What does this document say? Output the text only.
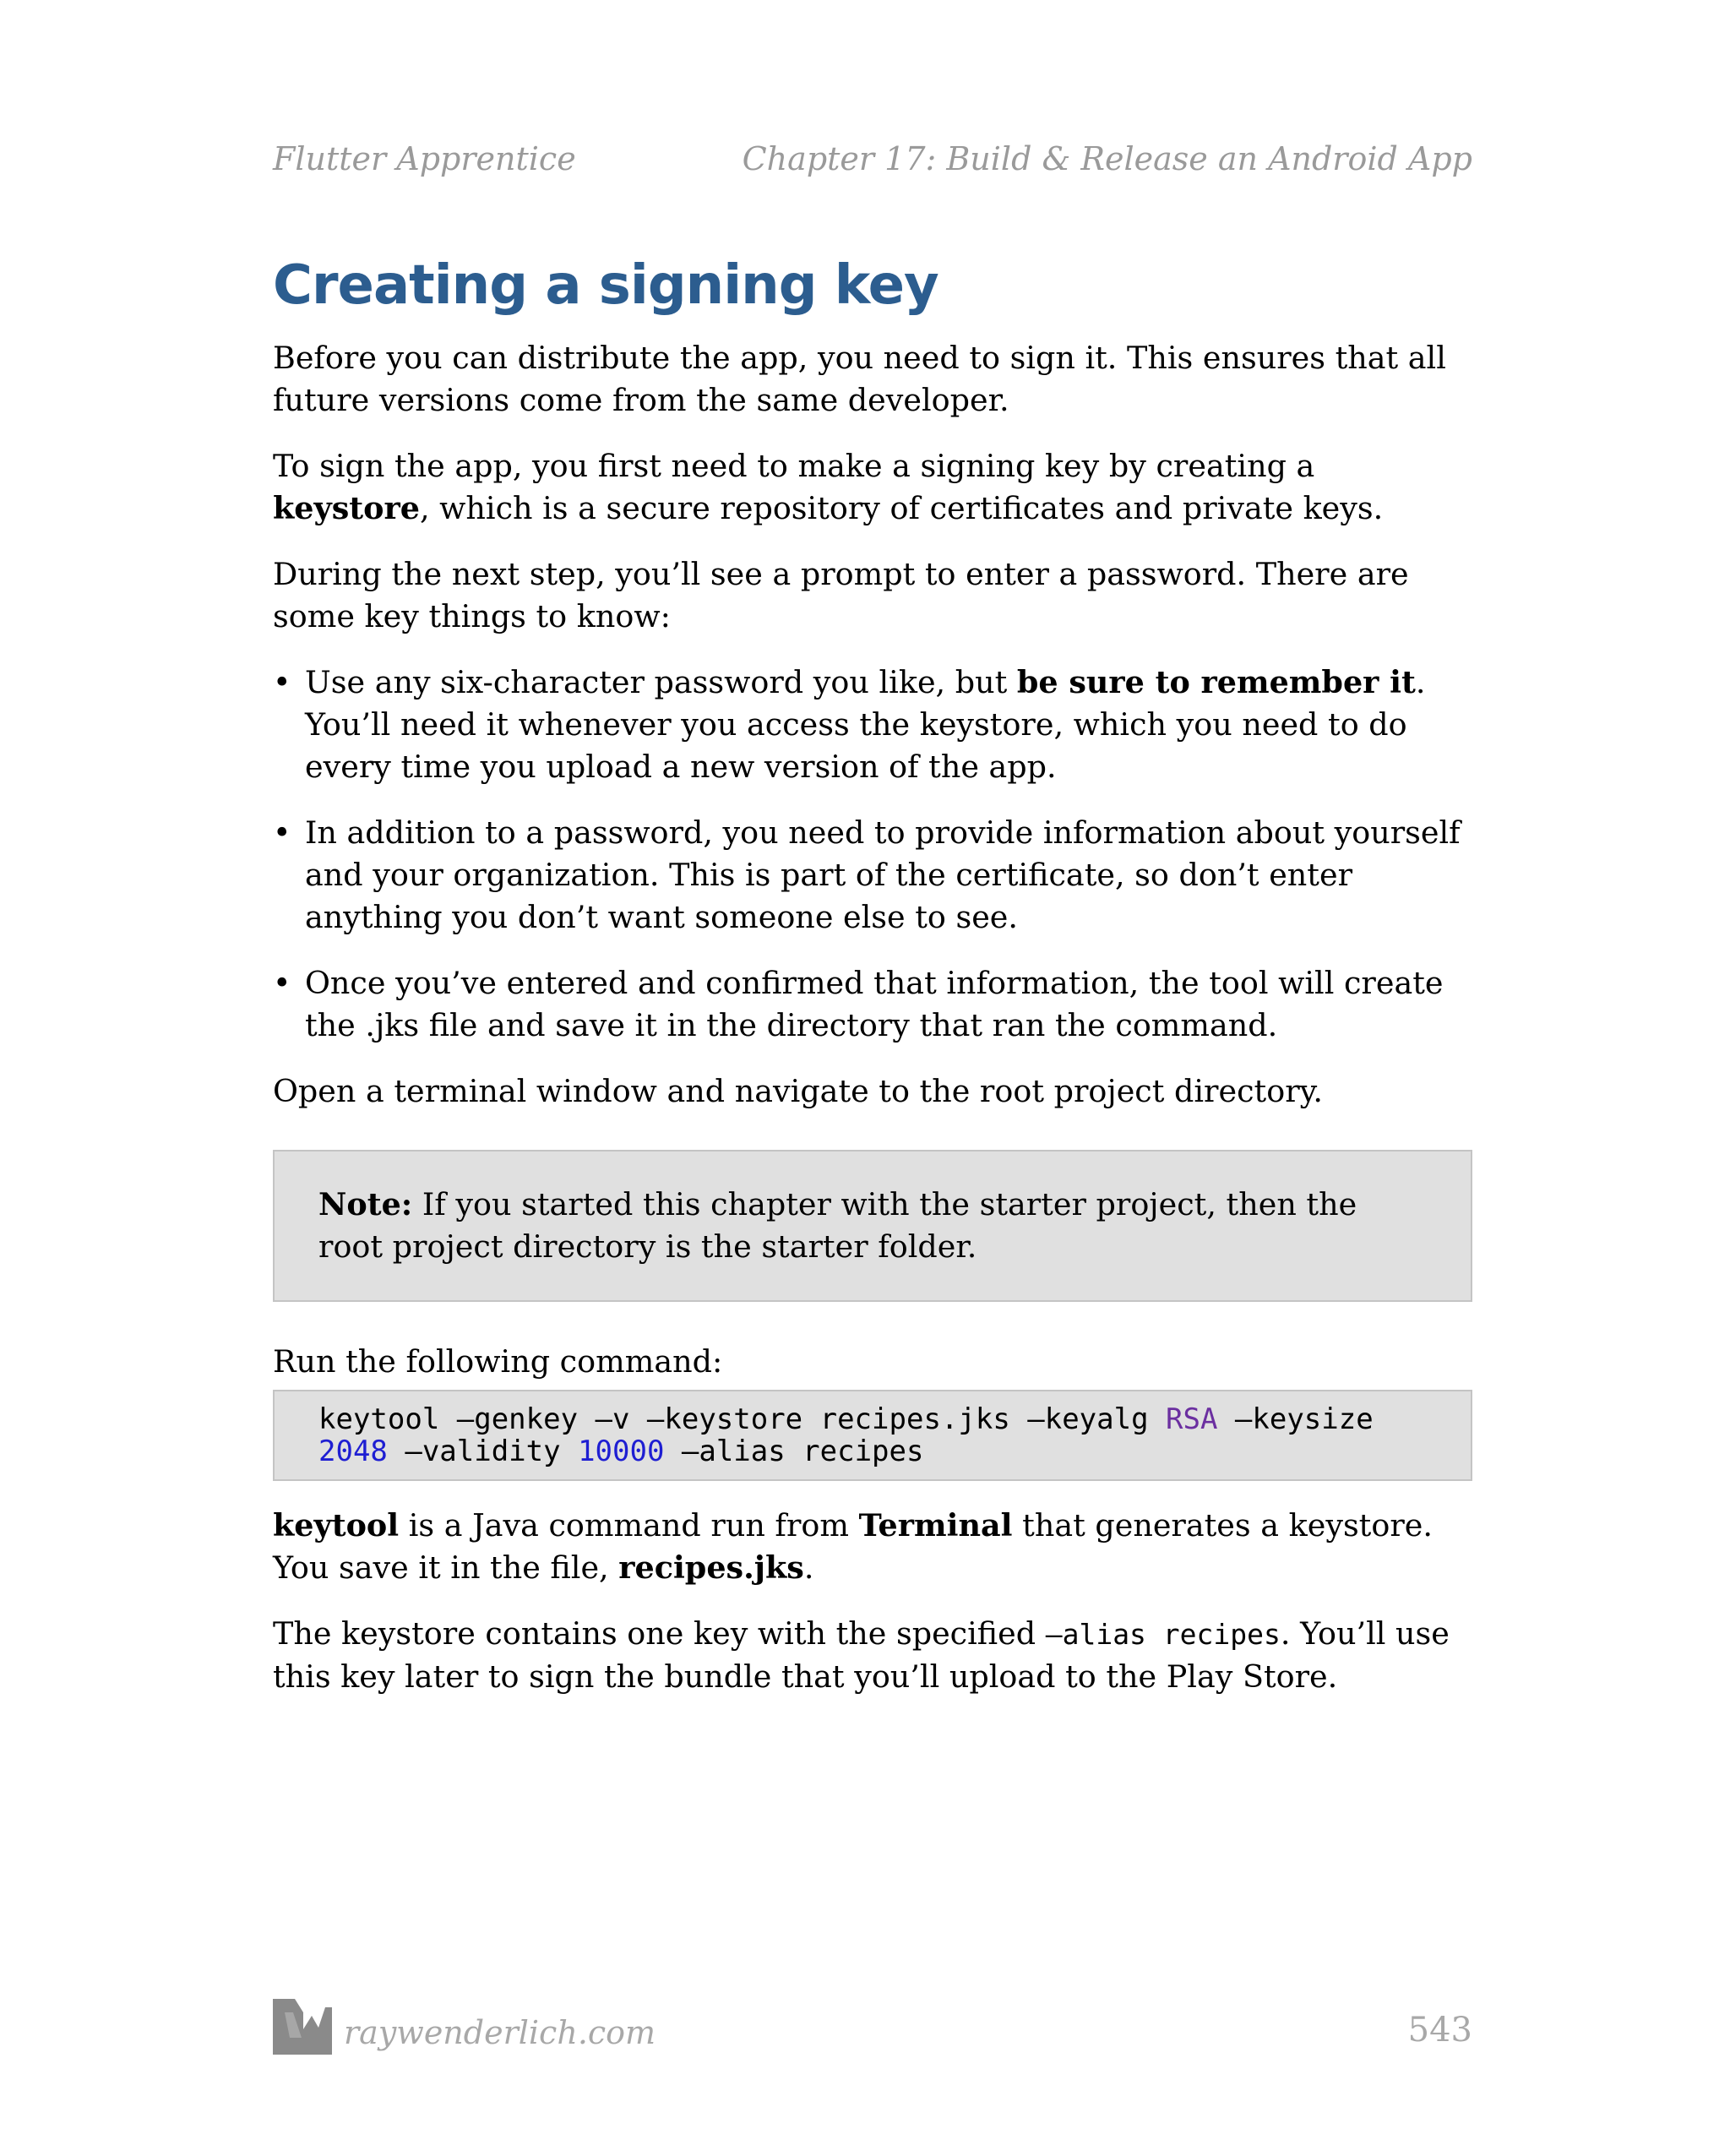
Flutter Apprentice	Chapter 17: Build & Release an Android App
Creating a signing key

Before you can distribute the app, you need to sign it. This ensures that all future versions come from the same developer.

To sign the app, you first need to make a signing key by creating a keystore, which is a secure repository of certificates and private keys.

During the next step, you’ll see a prompt to enter a password. There are some key things to know:

• Use any six-character password you like, but be sure to remember it. You’ll need it whenever you access the keystore, which you need to do every time you upload a new version of the app.
• In addition to a password, you need to provide information about yourself and your organization. This is part of the certificate, so don’t enter anything you don’t want someone else to see.
• Once you’ve entered and confirmed that information, the tool will create the .jks file and save it in the directory that ran the command.

Open a terminal window and navigate to the root project directory.

Note: If you started this chapter with the starter project, then the root project directory is the starter folder.

Run the following command:

keytool –genkey –v –keystore recipes.jks –keyalg RSA –keysize
2048 –validity 10000 –alias recipes

keytool is a Java command run from Terminal that generates a keystore. You save it in the file, recipes.jks.

The keystore contains one key with the specified –alias recipes. You’ll use this key later to sign the bundle that you’ll upload to the Play Store.

raywenderlich.com	543
